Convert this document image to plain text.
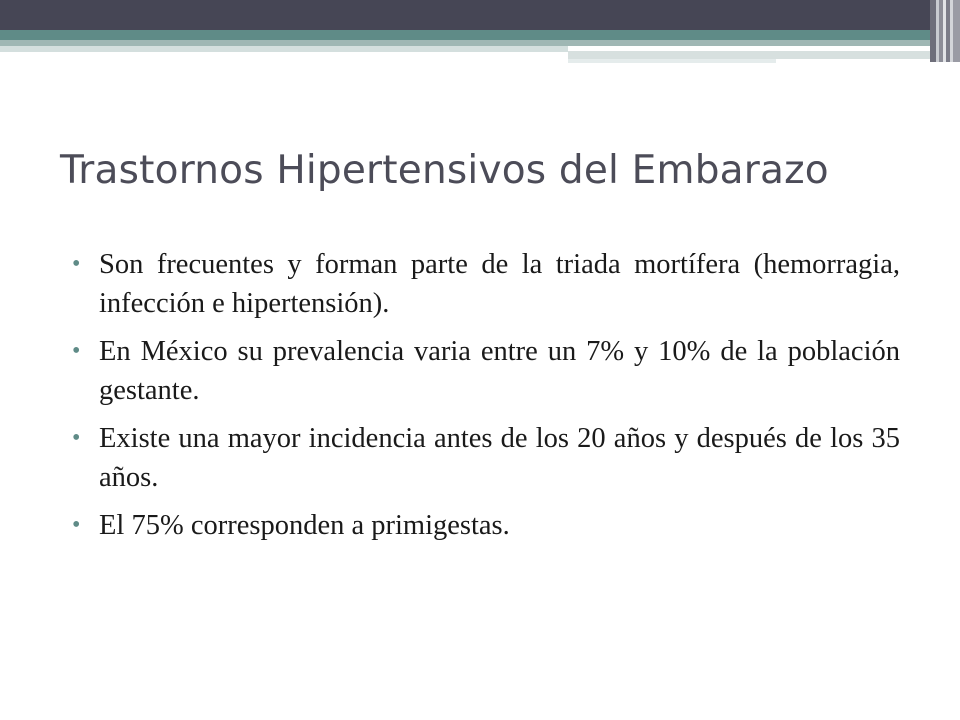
Trastornos Hipertensivos del Embarazo
• Son frecuentes y forman parte de la triada mortífera (hemorragia, infección e hipertensión).
• En México su prevalencia varia entre un 7% y 10% de la población gestante.
• Existe una mayor incidencia antes de los 20 años y después de los 35 años.
• El 75% corresponden a primigestas.
